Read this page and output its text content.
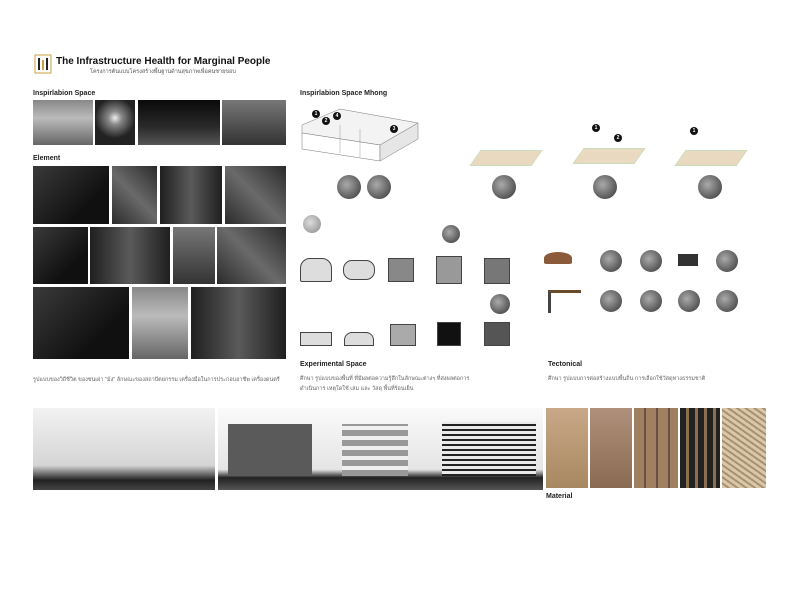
The Infrastructure Health for Marginal People
โครงการต้นแบบโครงสร้างพื้นฐานด้านสุขภาพเพื่อคนชายขอบ
Inspirlabion Space
Element
รูปแบบของวิถีชีวิต ของชนเผ่า "ม้ง" ลักษณะของสถาปัตยกรรม เครื่องมือในการประกอบอาชีพ เครื่องดนตรี
Inspirlabion Space Mhong
1
2
4
3	1
2
1
Experimental Space
ศึกษา รูปแบบของพื้นที่ ที่มีผลต่อความรู้สึกในลักษณะต่างๆ ที่ส่งผลต่อการ
ดำเนินการ เหตุใดใช้ เล่ม และ วัสดุ พื้นที่ร้อนเย็น
Tectonical
ศึกษา รูปแบบการต่อสร้างแบบพื้นถิ่น การเลือกใช้วัสดุทางธรรมชาติ
Material
